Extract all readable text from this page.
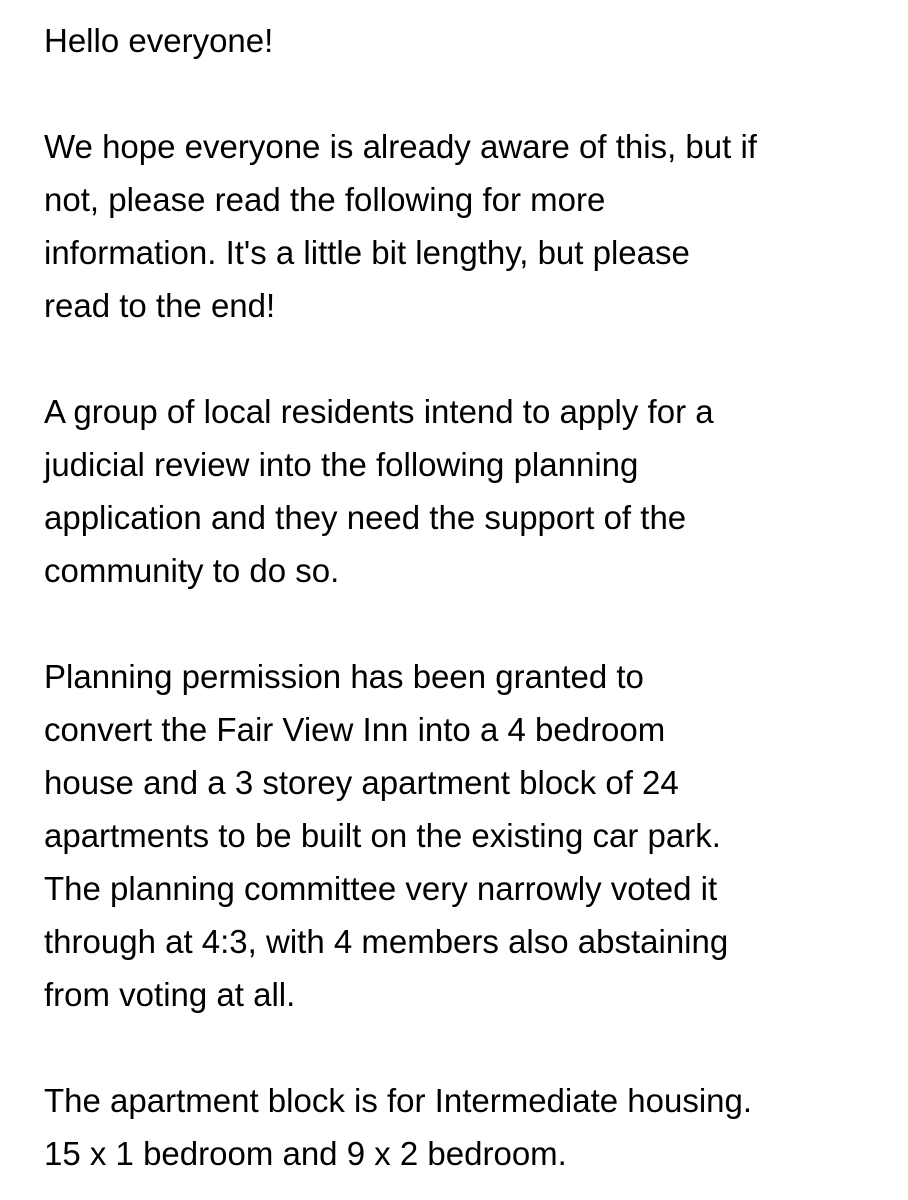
Hello everyone!

We hope everyone is already aware of this, but if
not, please read the following for more
information. It's a little bit lengthy, but please
read to the end!

A group of local residents intend to apply for a
judicial review into the following planning
application and they need the support of the
community to do so.

Planning permission has been granted to
convert the Fair View Inn into a 4 bedroom
house and a 3 storey apartment block of 24
apartments to be built on the existing car park.
The planning committee very narrowly voted it
through at 4:3, with 4 members also abstaining
from voting at all.

The apartment block is for Intermediate housing.
15 x 1 bedroom and 9 x 2 bedroom.
